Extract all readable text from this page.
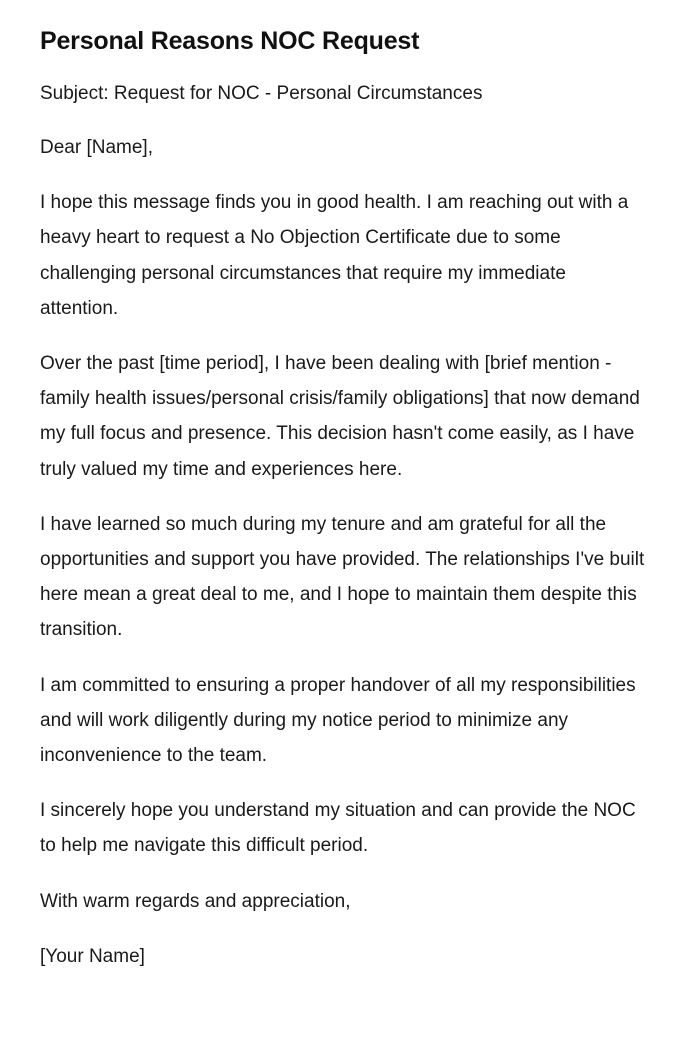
Personal Reasons NOC Request

Subject: Request for NOC - Personal Circumstances

Dear [Name],

I hope this message finds you in good health. I am reaching out with a heavy heart to request a No Objection Certificate due to some challenging personal circumstances that require my immediate attention.

Over the past [time period], I have been dealing with [brief mention - family health issues/personal crisis/family obligations] that now demand my full focus and presence. This decision hasn't come easily, as I have truly valued my time and experiences here.

I have learned so much during my tenure and am grateful for all the opportunities and support you have provided. The relationships I've built here mean a great deal to me, and I hope to maintain them despite this transition.

I am committed to ensuring a proper handover of all my responsibilities and will work diligently during my notice period to minimize any inconvenience to the team.

I sincerely hope you understand my situation and can provide the NOC to help me navigate this difficult period.

With warm regards and appreciation,

[Your Name]
